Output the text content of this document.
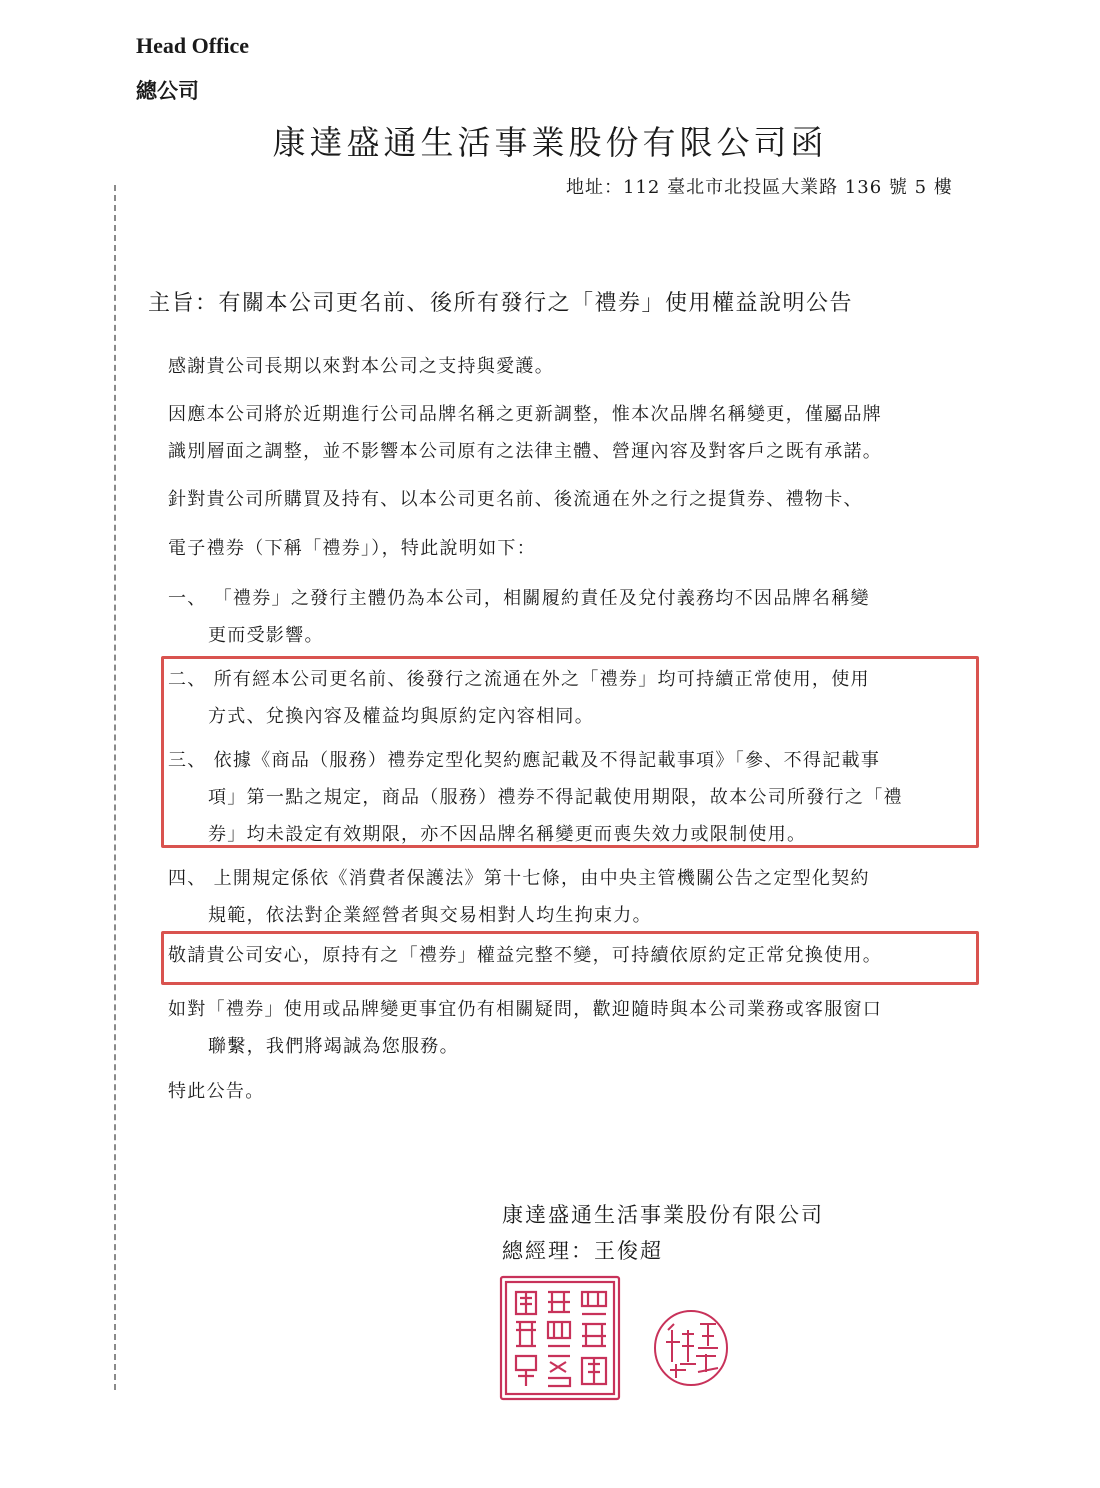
Head Office
總公司
康達盛通生活事業股份有限公司函
地址：112 臺北市北投區大業路 136 號 5 樓
主旨：有關本公司更名前、後所有發行之「禮券」使用權益說明公告
感謝貴公司長期以來對本公司之支持與愛護。
因應本公司將於近期進行公司品牌名稱之更新調整，惟本次品牌名稱變更，僅屬品牌
識別層面之調整，並不影響本公司原有之法律主體、營運內容及對客戶之既有承諾。
針對貴公司所購買及持有、以本公司更名前、後流通在外之行之提貨券、禮物卡、
電子禮券（下稱「禮券」），特此說明如下：
一、 「禮券」之發行主體仍為本公司，相關履約責任及兌付義務均不因品牌名稱變
更而受影響。
二、 所有經本公司更名前、後發行之流通在外之「禮券」均可持續正常使用，使用
方式、兌換內容及權益均與原約定內容相同。
三、 依據《商品（服務）禮券定型化契約應記載及不得記載事項》「參、不得記載事
項」第一點之規定，商品（服務）禮券不得記載使用期限，故本公司所發行之「禮
券」均未設定有效期限，亦不因品牌名稱變更而喪失效力或限制使用。
四、 上開規定係依《消費者保護法》第十七條，由中央主管機關公告之定型化契約
規範，依法對企業經營者與交易相對人均生拘束力。
敬請貴公司安心，原持有之「禮券」權益完整不變，可持續依原約定正常兌換使用。
如對「禮券」使用或品牌變更事宜仍有相關疑問，歡迎隨時與本公司業務或客服窗口
聯繫，我們將竭誠為您服務。
特此公告。
康達盛通生活事業股份有限公司
總經理：王俊超
